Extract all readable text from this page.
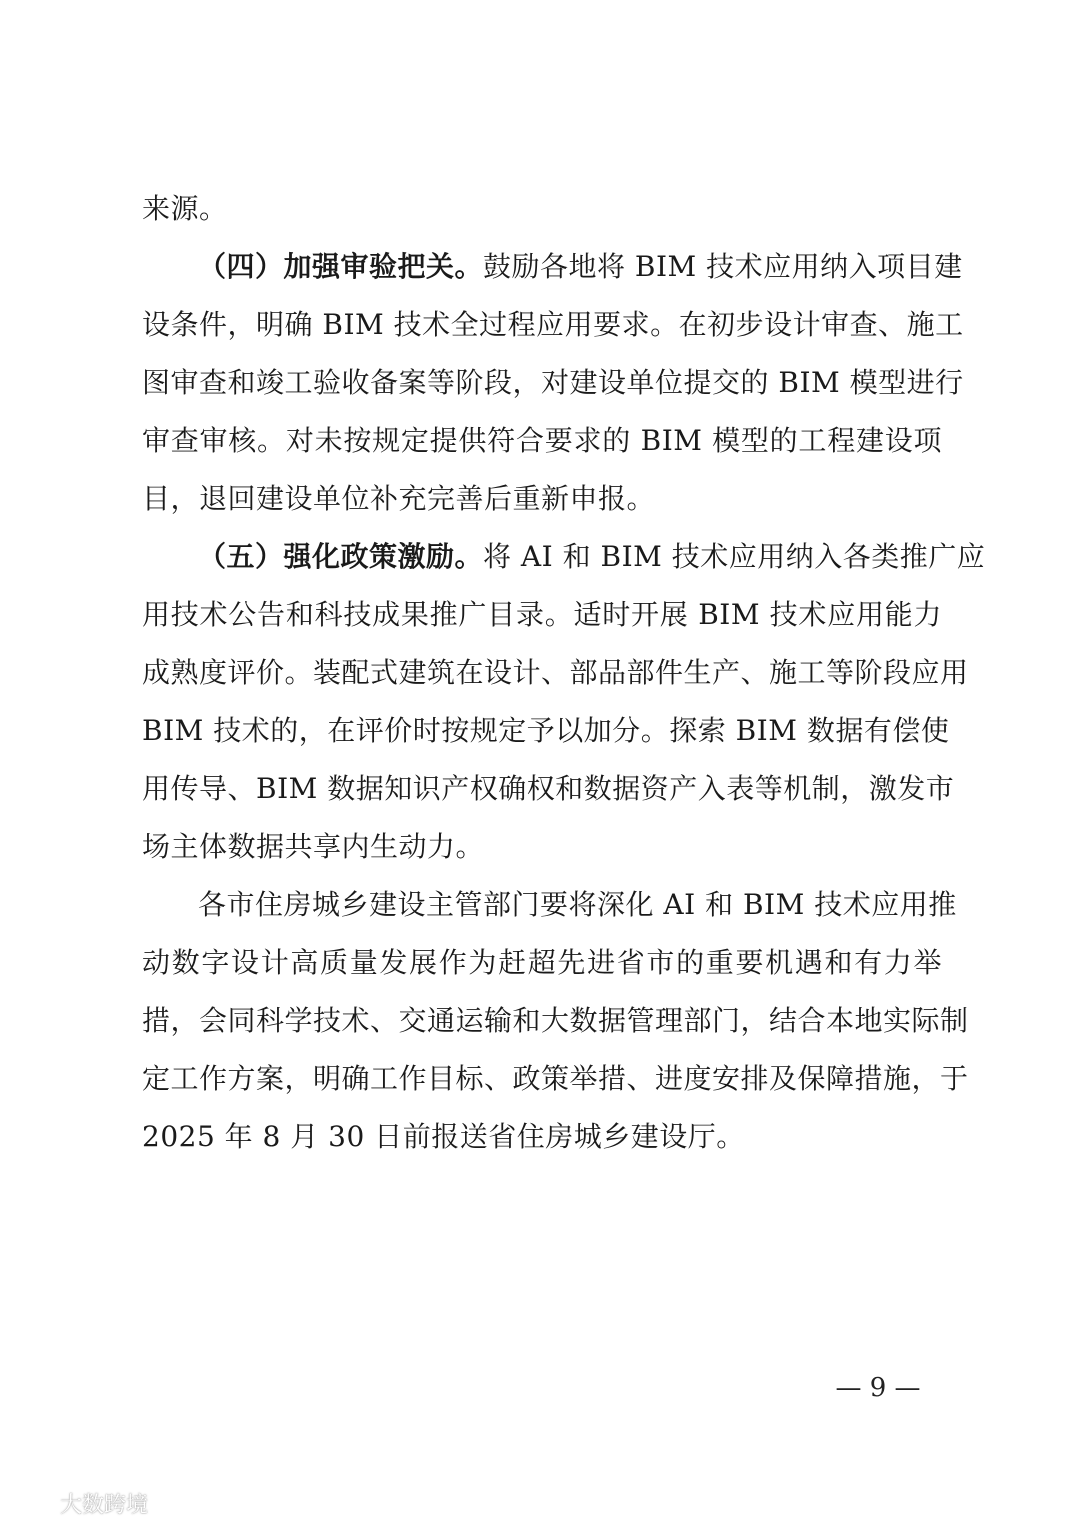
来源。
（四）加强审验把关。鼓励各地将 BIM 技术应用纳入项目建
设条件，明确 BIM 技术全过程应用要求。在初步设计审查、施工
图审查和竣工验收备案等阶段，对建设单位提交的 BIM 模型进行
审查审核。对未按规定提供符合要求的 BIM 模型的工程建设项
目，退回建设单位补充完善后重新申报。
（五）强化政策激励。将 AI 和 BIM 技术应用纳入各类推广应
用技术公告和科技成果推广目录。适时开展 BIM 技术应用能力
成熟度评价。装配式建筑在设计、部品部件生产、施工等阶段应用
BIM 技术的，在评价时按规定予以加分。探索 BIM 数据有偿使
用传导、BIM 数据知识产权确权和数据资产入表等机制，激发市
场主体数据共享内生动力。
各市住房城乡建设主管部门要将深化 AI 和 BIM 技术应用推
动数字设计高质量发展作为赶超先进省市的重要机遇和有力举
措，会同科学技术、交通运输和大数据管理部门，结合本地实际制
定工作方案，明确工作目标、政策举措、进度安排及保障措施，于
2025 年 8 月 30 日前报送省住房城乡建设厅。
— 9 —
大数跨境
